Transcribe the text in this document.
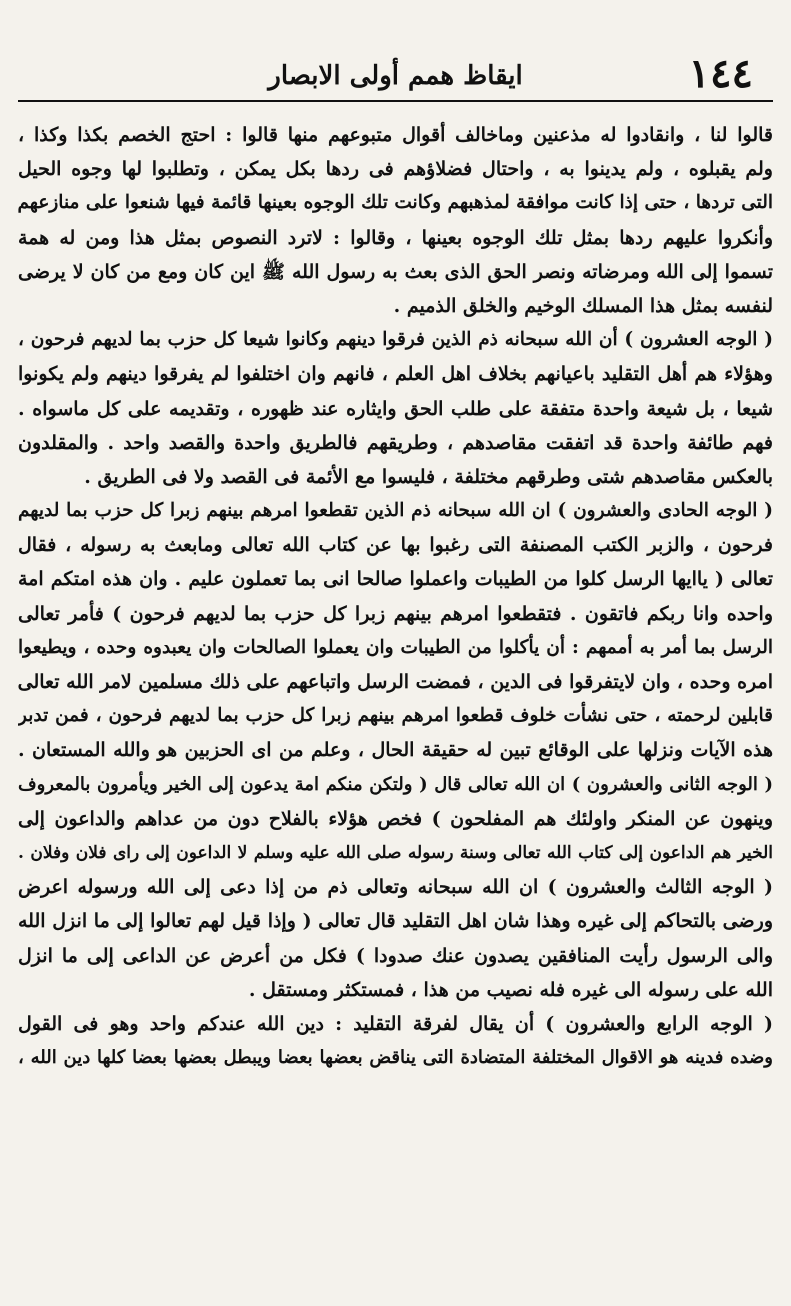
١٤٤
ايقاظ همم أولى الابصار
قالوا لنا ، وانقادوا له مذعنين وماخالف أقوال متبوعهم منها قالوا : احتج الخصم بكذا وكذا ،
ولم يقبلوه ، ولم يدينوا به ، واحتال فضلاؤهم فى ردها بكل يمكن ، وتطلبوا لها وجوه الحيل
التى تردها ، حتى إذا كانت موافقة لمذهبهم وكانت تلك الوجوه بعينها قائمة فيها شنعوا على منازعهم
وأنكروا عليهم ردها بمثل تلك الوجوه بعينها ، وقالوا : لاترد النصوص بمثل هذا ومن له همة
تسموا إلى الله ومرضاته ونصر الحق الذى بعث به رسول الله ﷺ اين كان ومع من كان لا يرضى
لنفسه بمثل هذا المسلك الوخيم والخلق الذميم .
( الوجه العشرون ) أن الله سبحانه ذم الذين فرقوا دينهم وكانوا شيعا كل حزب بما لديهم فرحون ،
وهؤلاء هم أهل التقليد باعيانهم بخلاف اهل العلم ، فانهم وان اختلفوا لم يفرقوا دينهم ولم يكونوا
شيعا ، بل شيعة واحدة متفقة على طلب الحق وايثاره عند ظهوره ، وتقديمه على كل ماسواه .
فهم طائفة واحدة قد اتفقت مقاصدهم ، وطريقهم فالطريق واحدة والقصد واحد . والمقلدون
بالعكس مقاصدهم شتى وطرقهم مختلفة ، فليسوا مع الأئمة فى القصد ولا فى الطريق .
( الوجه الحادى والعشرون ) ان الله سبحانه ذم الذين تقطعوا امرهم بينهم زبرا كل حزب بما لديهم
فرحون ، والزبر الكتب المصنفة التى رغبوا بها عن كتاب الله تعالى ومابعث به رسوله ، فقال
تعالى ( ياايها الرسل كلوا من الطيبات واعملوا صالحا انى بما تعملون عليم . وان هذه امتكم امة
واحده وانا ربكم فاتقون . فتقطعوا امرهم بينهم زبرا كل حزب بما لديهم فرحون ) فأمر تعالى
الرسل بما أمر به أممهم : أن يأكلوا من الطيبات وان يعملوا الصالحات وان يعبدوه وحده ، ويطيعوا
امره وحده ، وان لايتفرقوا فى الدين ، فمضت الرسل واتباعهم على ذلك مسلمين لامر الله تعالى
قابلين لرحمته ، حتى نشأت خلوف قطعوا امرهم بينهم زبرا كل حزب بما لديهم فرحون ، فمن تدبر
هذه الآيات ونزلها على الوقائع تبين له حقيقة الحال ، وعلم من اى الحزبين هو والله المستعان .
( الوجه الثانى والعشرون ) ان الله تعالى قال ( ولتكن منكم امة يدعون إلى الخير ويأمرون بالمعروف
وينهون عن المنكر واولئك هم المفلحون ) فخص هؤلاء بالفلاح دون من عداهم والداعون إلى
الخير هم الداعون إلى كتاب الله تعالى وسنة رسوله صلى الله عليه وسلم لا الداعون إلى راى فلان وفلان .
( الوجه الثالث والعشرون ) ان الله سبحانه وتعالى ذم من إذا دعى إلى الله ورسوله اعرض
ورضى بالتحاكم إلى غيره وهذا شان اهل التقليد قال تعالى ( وإذا قيل لهم تعالوا إلى ما انزل الله
والى الرسول رأيت المنافقين يصدون عنك صدودا ) فكل من أعرض عن الداعى إلى ما انزل
الله على رسوله الى غيره فله نصيب من هذا ، فمستكثر ومستقل .
( الوجه الرابع والعشرون ) أن يقال لفرقة التقليد : دين الله عندكم واحد وهو فى القول
وضده فدينه هو الاقوال المختلفة المتضادة التى يناقض بعضها بعضا ويبطل بعضها بعضا كلها دين الله ،
